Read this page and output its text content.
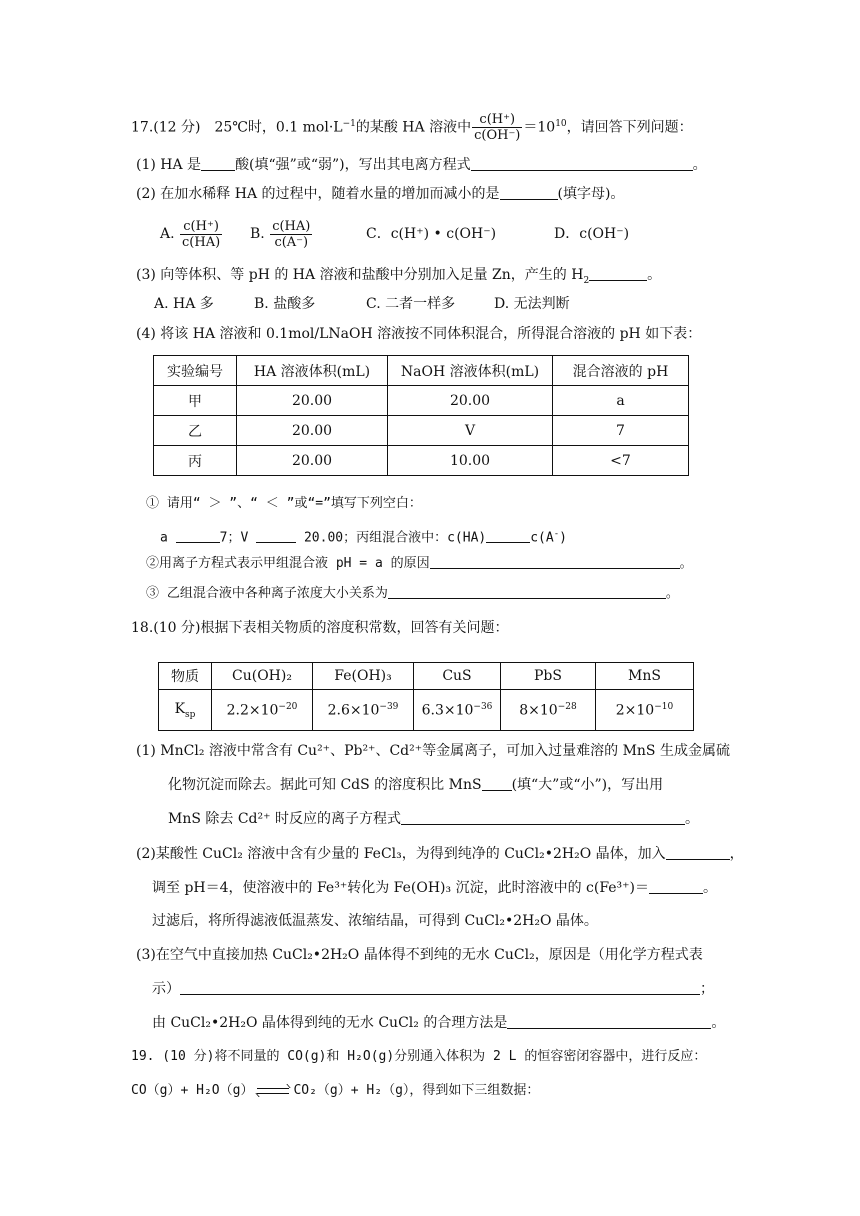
17.(12 分)　25℃时，0.1 $mol\cdot L^{-1}$的某酸 HA 溶液中 $\frac{c(H^+)}{c(OH^-)} =10^{10}$，请回答下列问题：
(1) HA 是 酸(填“强”或“弱”)，写出其电离方程式	。
(2) 在加水稀释 HA 的过程中，随着水量的增加而减小的是	(填字母)。
A. $\frac{c(H^+)}{c(HA)} B$. $\frac{c(HA)}{c(A^-)}$	C．c(H⁺) • c(OH⁻)	D．c(OH⁻)
(3) 向等体积、等 pH 的 HA 溶液和盐酸中分别加入足量 Zn，产生的 $H_2$	。
A. HA 多	B. 盐酸多	C. 二者一样多	D. 无法判断
(4) 将该 HA 溶液和 0.1mol/LNaOH 溶液按不同体积混合，所得混合溶液的 pH 如下表：
实验编号	HA 溶液体积(mL)	NaOH 溶液体积(mL)	混合溶液的 pH
甲	20.00	20.00	a
乙	20.00	V	7
丙	20.00	10.00	<7
① 请用“ ＞ ”、“ ＜ ”或“=”填写下列空白：
a	7；V	20.00；丙组混合液中：c(HA)	c(A-)
②用离子方程式表示甲组混合液 pH = a 的原因	。
③ 乙组混合液中各种离子浓度大小关系为	。
18.(10 分)根据下表相关物质的溶度积常数，回答有关问题：
物质	Cu(OH)₂	Fe(OH)₃	CuS	PbS	MnS
$K_{sp}$	$2.2\times 10^{-20}$	$2.6\times 10^{-39}$	$6.3\times 10^{-36}$	$8\times 10^{-28}$	$2\times 10^{-10}$
(1) MnCl₂ 溶液中常含有 Cu²⁺、Pb²⁺、Cd²⁺等金属离子，可加入过量难溶的 MnS 生成金属硫
化物沉淀而除去。据此可知 CdS 的溶度积比 MnS (填“大”或“小”)，写出用
MnS 除去 Cd²⁺ 时反应的离子方程式	。
(2)某酸性 CuCl₂ 溶液中含有少量的 FeCl₃，为得到纯净的 CuCl₂•2H₂O 晶体，加入	，
调至 pH＝4，使溶液中的 Fe³⁺转化为 Fe(OH)₃ 沉淀，此时溶液中的 c(Fe³⁺)＝	。
过滤后，将所得滤液低温蒸发、浓缩结晶，可得到 CuCl₂•2H₂O 晶体。
(3)在空气中直接加热 CuCl₂•2H₂O 晶体得不到纯的无水 CuCl₂，原因是（用化学方程式表
示）	；
由 CuCl₂•2H₂O 晶体得到纯的无水 CuCl₂ 的合理方法是	。
19. (10 分)将不同量的 CO(g)和 H₂O(g)分别通入体积为 2 L 的恒容密闭容器中，进行反应：
CO（g）+ H₂O（g）	CO₂（g）+ H₂（g），得到如下三组数据：
